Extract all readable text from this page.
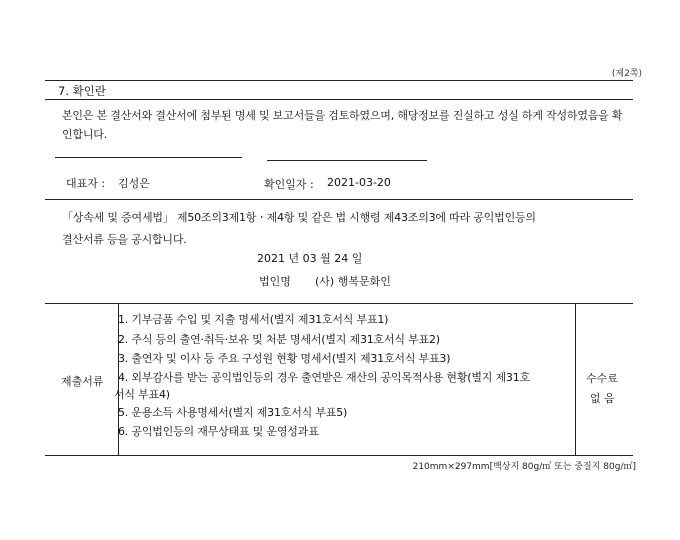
(제2쪽)
7. 확인란
본인은 본 결산서와 결산서에 첨부된 명세 및 보고서들을 검토하였으며, 해당정보를 진실하고 성실 하게 작성하였음을 확
인합니다.
대표자 : 김성은	확인일자 : 2021-03-20
「상속세 및 증여세법」 제50조의3제1항ㆍ제4항 및 같은 법 시행령 제43조의3에 따라 공익법인등의
결산서류 등을 공시합니다.
2021 년 03 월 24 일
법인명 (사) 행복문화인
제출서류
1. 기부금품 수입 및 지출 명세서(별지 제31호서식 부표1)
2. 주식 등의 출연·취득·보유 및 처분 명세서(별지 제31호서식 부표2)
3. 출연자 및 이사 등 주요 구성원 현황 명세서(별지 제31호서식 부표3)
4. 외부감사를 받는 공익법인등의 경우 출연받은 재산의 공익목적사용 현황(별지 제31호
서식 부표4)
5. 운용소득 사용명세서(별지 제31호서식 부표5)
6. 공익법인등의 재무상태표 및 운영성과표
수수료
없 음
210mm×297mm[백상지 80g/㎡ 또는 중질지 80g/㎡]
